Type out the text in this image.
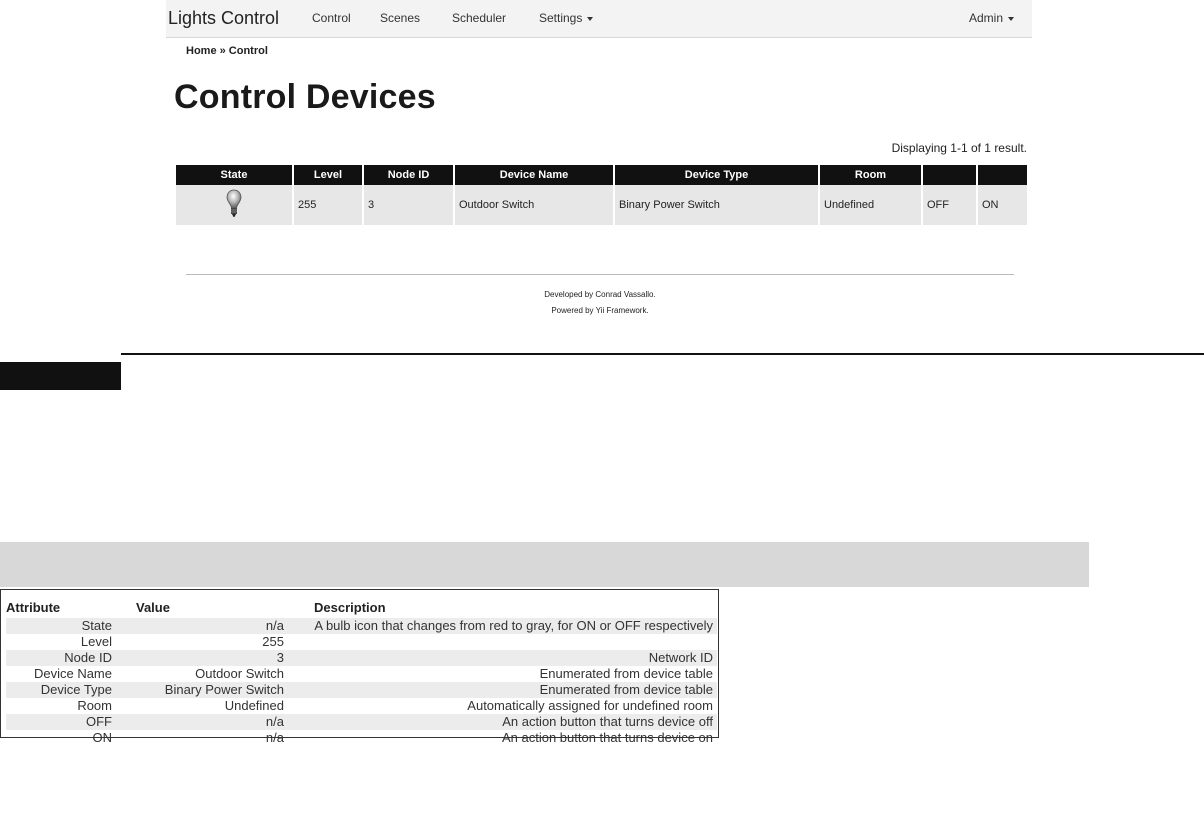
Lights Control	Control Scenes	Scheduler	Settings	Admin
Home » Control
Control Devices
Displaying 1-1 of 1 result.
State	Level	Node ID	Device Name	Device Type	Room		
	255	3	Outdoor Switch	Binary Power Switch	Undefined	OFF	ON
Developed by Conrad Vassallo.
Powered by Yii Framework.
Attribute	Value	Description
State	n/a	A bulb icon that changes from red to gray, for ON or OFF respectively
Level	255	
Node ID	3	Network ID
Device Name	Outdoor Switch	Enumerated from device table
Device Type	Binary Power Switch	Enumerated from device table
Room	Undefined	Automatically assigned for undefined room
OFF	n/a	An action button that turns device off
ON	n/a	An action button that turns device on
